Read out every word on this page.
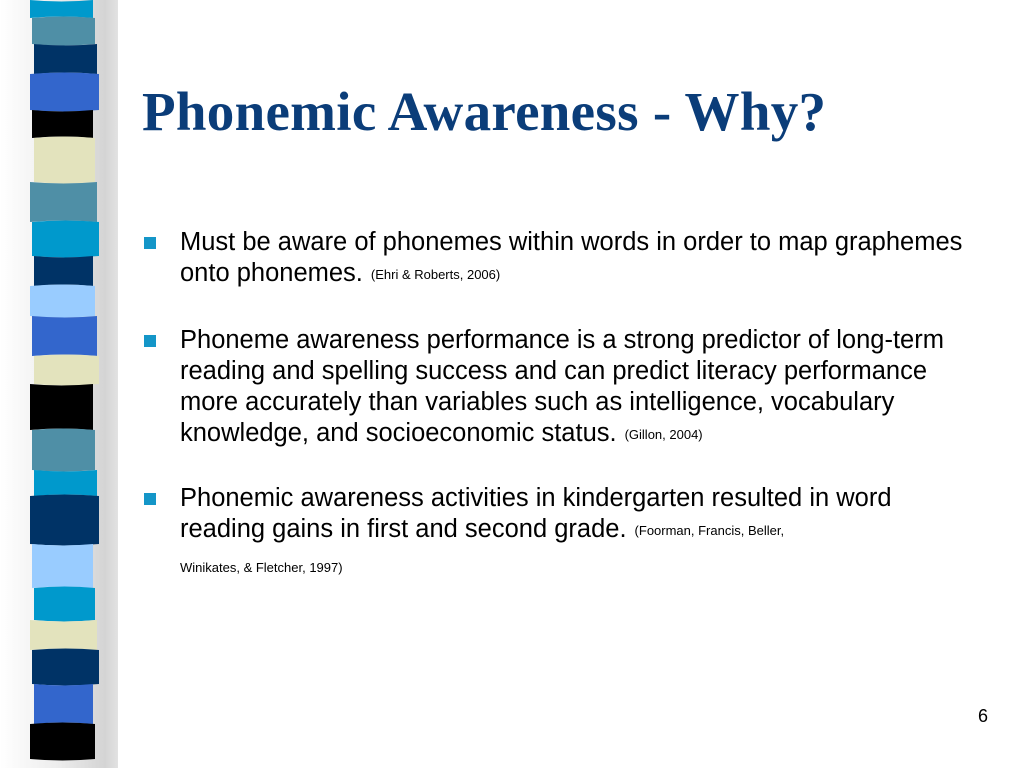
Phonemic Awareness - Why?
Must be aware of phonemes within words in order to map graphemes onto phonemes. (Ehri & Roberts, 2006)
Phoneme awareness performance is a strong predictor of long-term reading and spelling success and can predict literacy performance more accurately than variables such as intelligence, vocabulary knowledge, and socioeconomic status. (Gillon, 2004)
Phonemic awareness activities in kindergarten resulted in word reading gains in first and second grade. (Foorman, Francis, Beller,
Winikates, & Fletcher, 1997)
6
